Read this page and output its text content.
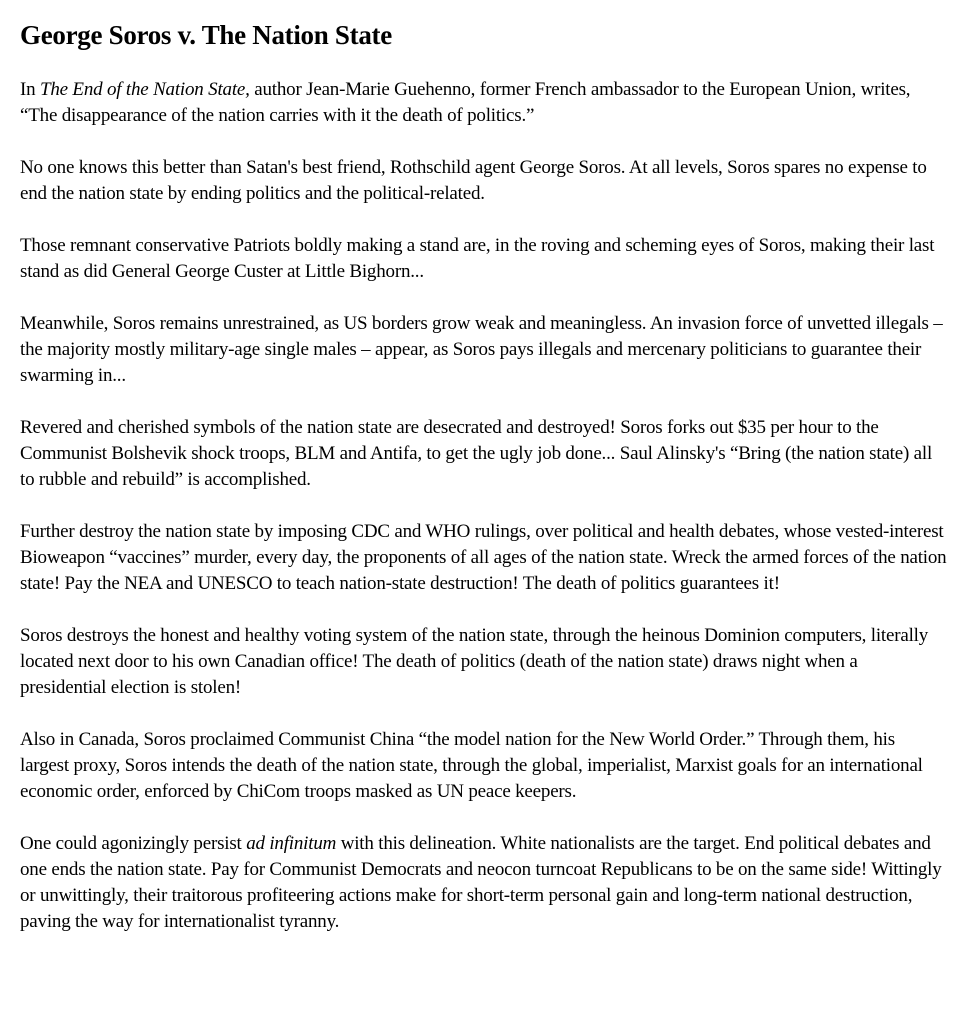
George Soros v. The Nation State

In The End of the Nation State, author Jean-Marie Guehenno, former French ambassador to the European Union, writes, “The disappearance of the nation carries with it the death of politics.”

No one knows this better than Satan's best friend, Rothschild agent George Soros. At all levels, Soros spares no expense to end the nation state by ending politics and the political-related.

Those remnant conservative Patriots boldly making a stand are, in the roving and scheming eyes of Soros, making their last stand as did General George Custer at Little Bighorn...

Meanwhile, Soros remains unrestrained, as US borders grow weak and meaningless. An invasion force of unvetted illegals – the majority mostly military-age single males – appear, as Soros pays illegals and mercenary politicians to guarantee their swarming in...

Revered and cherished symbols of the nation state are desecrated and destroyed! Soros forks out $35 per hour to the Communist Bolshevik shock troops, BLM and Antifa, to get the ugly job done... Saul Alinsky's “Bring (the nation state) all to rubble and rebuild” is accomplished.

Further destroy the nation state by imposing CDC and WHO rulings, over political and health debates, whose vested-interest Bioweapon “vaccines” murder, every day, the proponents of all ages of the nation state. Wreck the armed forces of the nation state! Pay the NEA and UNESCO to teach nation-state destruction! The death of politics guarantees it!

Soros destroys the honest and healthy voting system of the nation state, through the heinous Dominion computers, literally located next door to his own Canadian office! The death of politics (death of the nation state) draws night when a presidential election is stolen!

Also in Canada, Soros proclaimed Communist China “the model nation for the New World Order.” Through them, his largest proxy, Soros intends the death of the nation state, through the global, imperialist, Marxist goals for an international economic order, enforced by ChiCom troops masked as UN peace keepers.

One could agonizingly persist ad infinitum with this delineation. White nationalists are the target. End political debates and one ends the nation state. Pay for Communist Democrats and neocon turncoat Republicans to be on the same side! Wittingly or unwittingly, their traitorous profiteering actions make for short-term personal gain and long-term national destruction, paving the way for internationalist tyranny.
